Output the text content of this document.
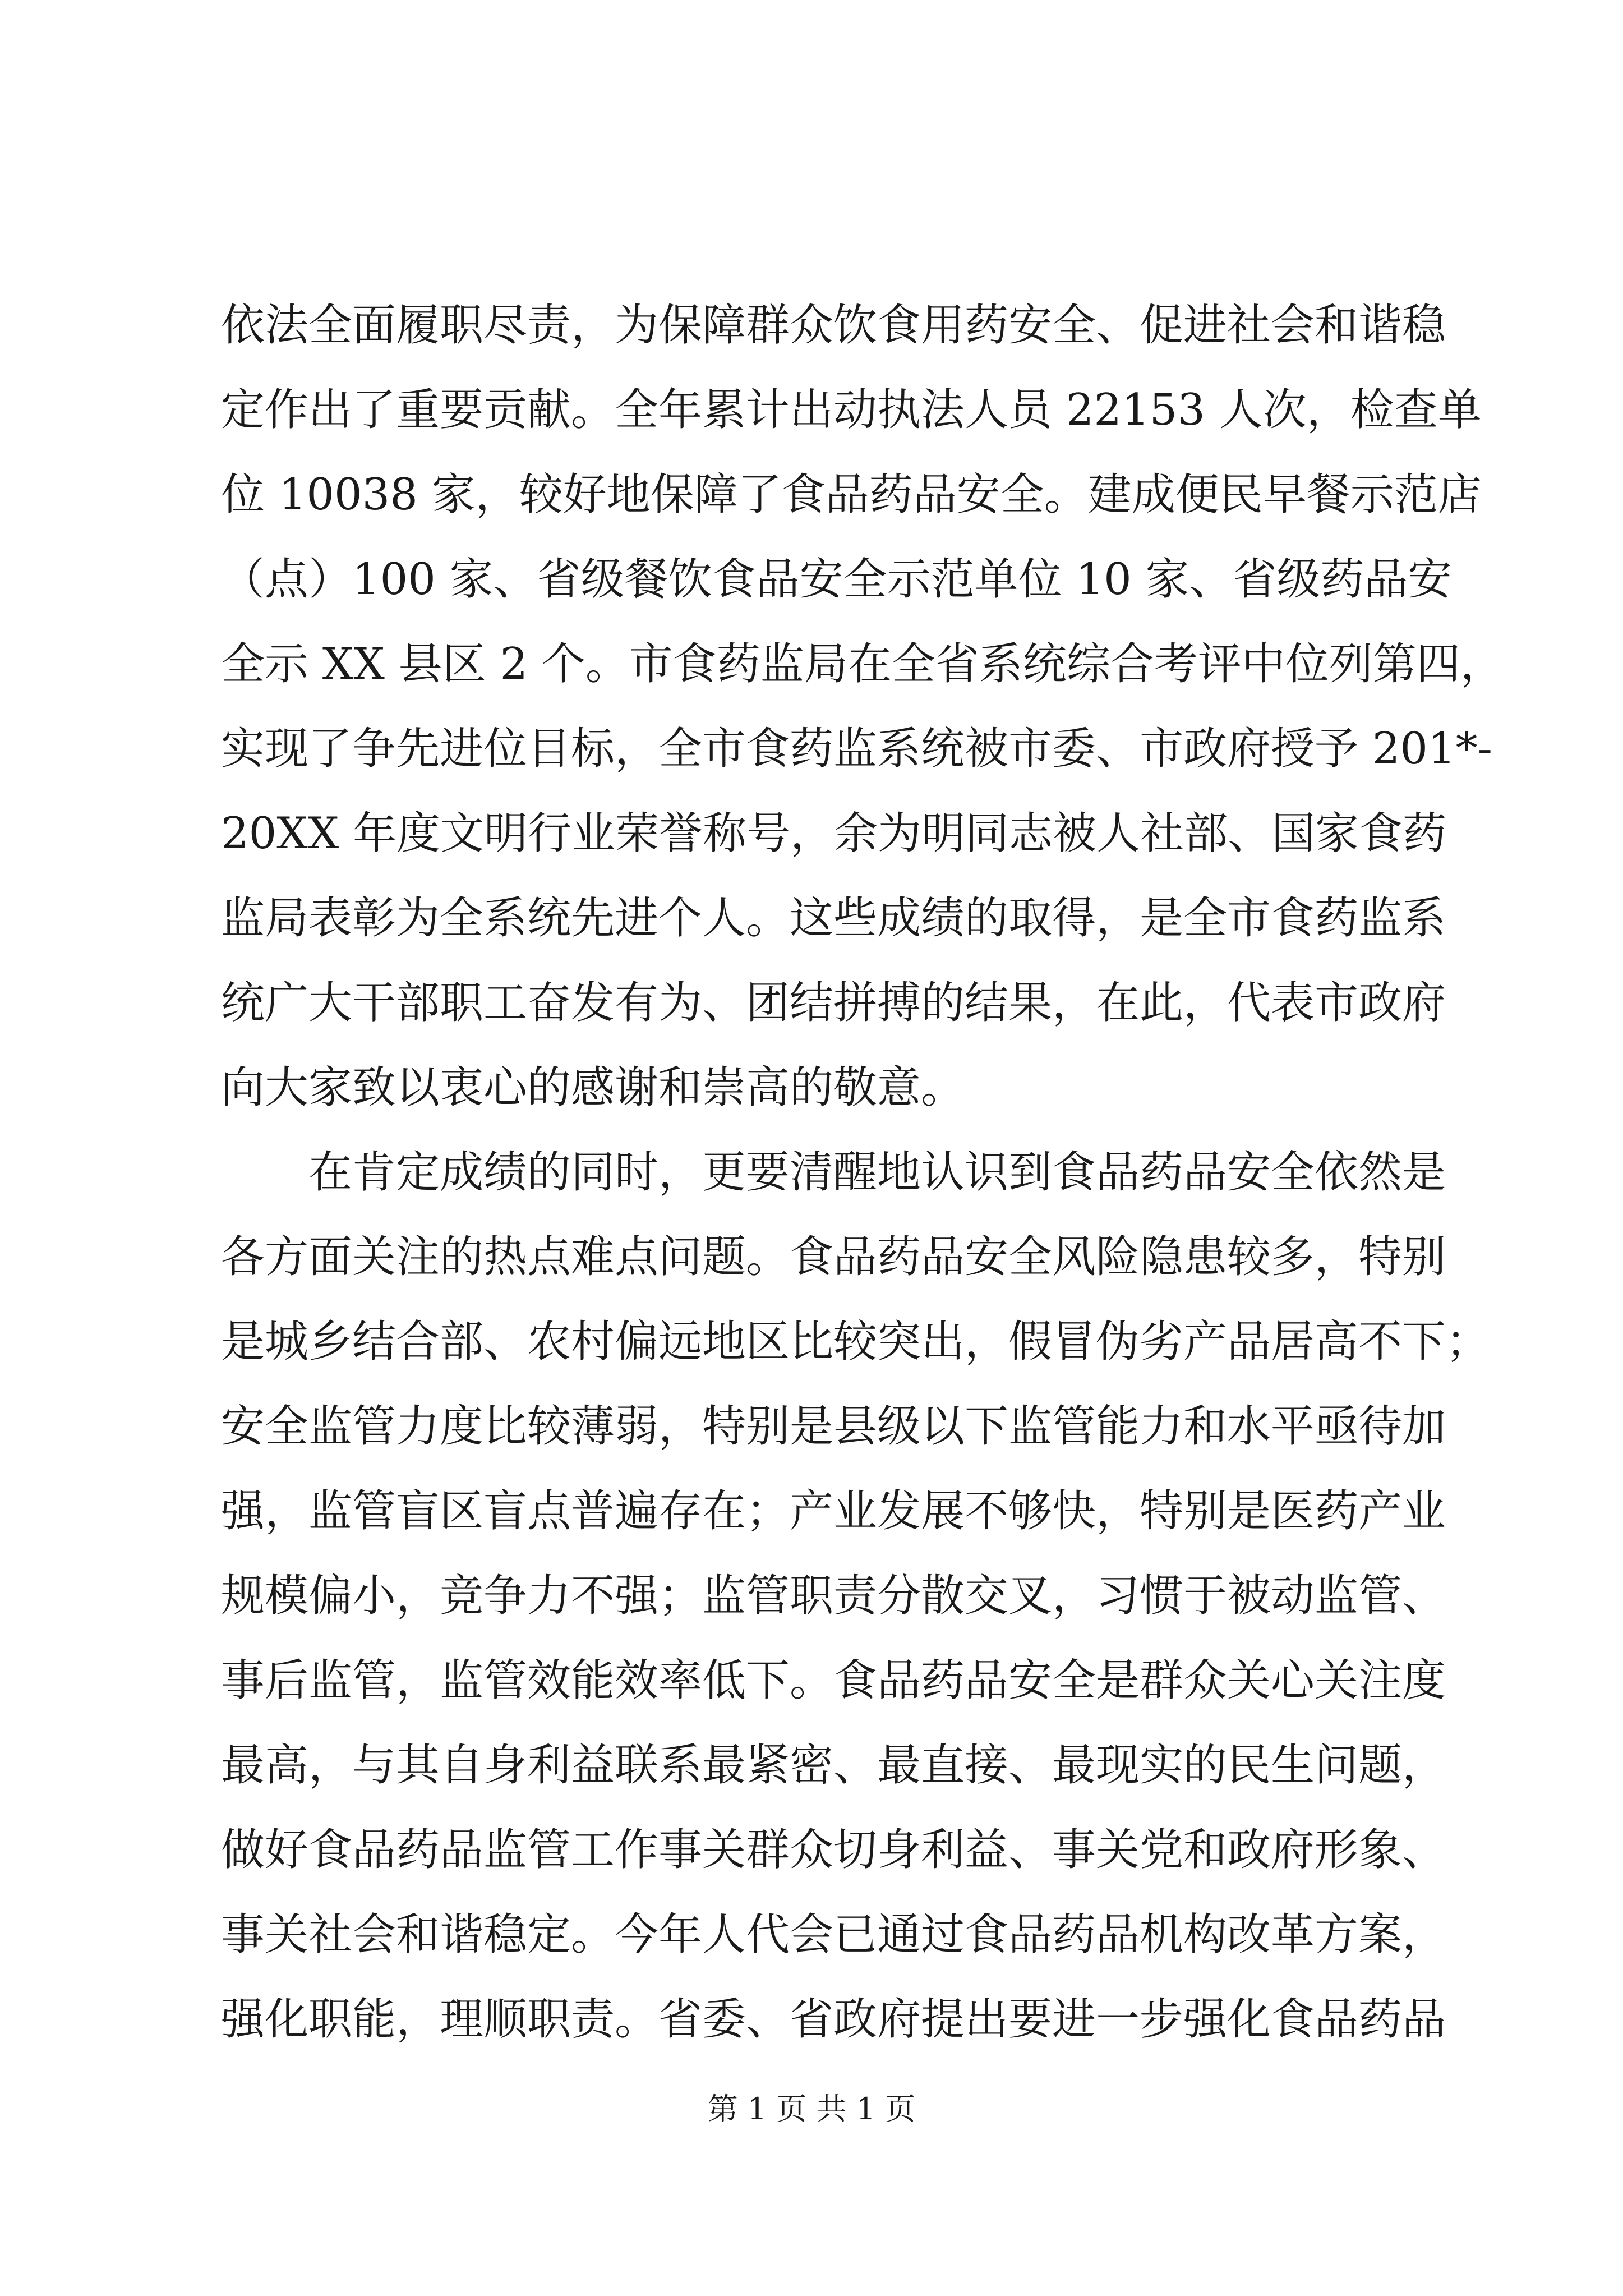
依法全面履职尽责，为保障群众饮食用药安全、促进社会和谐稳
定作出了重要贡献。全年累计出动执法人员 22153 人次，检查单
位 10038 家，较好地保障了食品药品安全。建成便民早餐示范店
（点）100 家、省级餐饮食品安全示范单位 10 家、省级药品安
全示 XX 县区 2 个。市食药监局在全省系统综合考评中位列第四，
实现了争先进位目标，全市食药监系统被市委、市政府授予 201*-
20XX 年度文明行业荣誉称号，余为明同志被人社部、国家食药
监局表彰为全系统先进个人。这些成绩的取得，是全市食药监系
统广大干部职工奋发有为、团结拼搏的结果，在此，代表市政府
向大家致以衷心的感谢和崇高的敬意。
在肯定成绩的同时，更要清醒地认识到食品药品安全依然是
各方面关注的热点难点问题。食品药品安全风险隐患较多，特别
是城乡结合部、农村偏远地区比较突出，假冒伪劣产品居高不下；
安全监管力度比较薄弱，特别是县级以下监管能力和水平亟待加
强，监管盲区盲点普遍存在；产业发展不够快，特别是医药产业
规模偏小，竞争力不强；监管职责分散交叉，习惯于被动监管、
事后监管，监管效能效率低下。食品药品安全是群众关心关注度
最高，与其自身利益联系最紧密、最直接、最现实的民生问题，
做好食品药品监管工作事关群众切身利益、事关党和政府形象、
事关社会和谐稳定。今年人代会已通过食品药品机构改革方案，
强化职能，理顺职责。省委、省政府提出要进一步强化食品药品
第 1 页 共 1 页
